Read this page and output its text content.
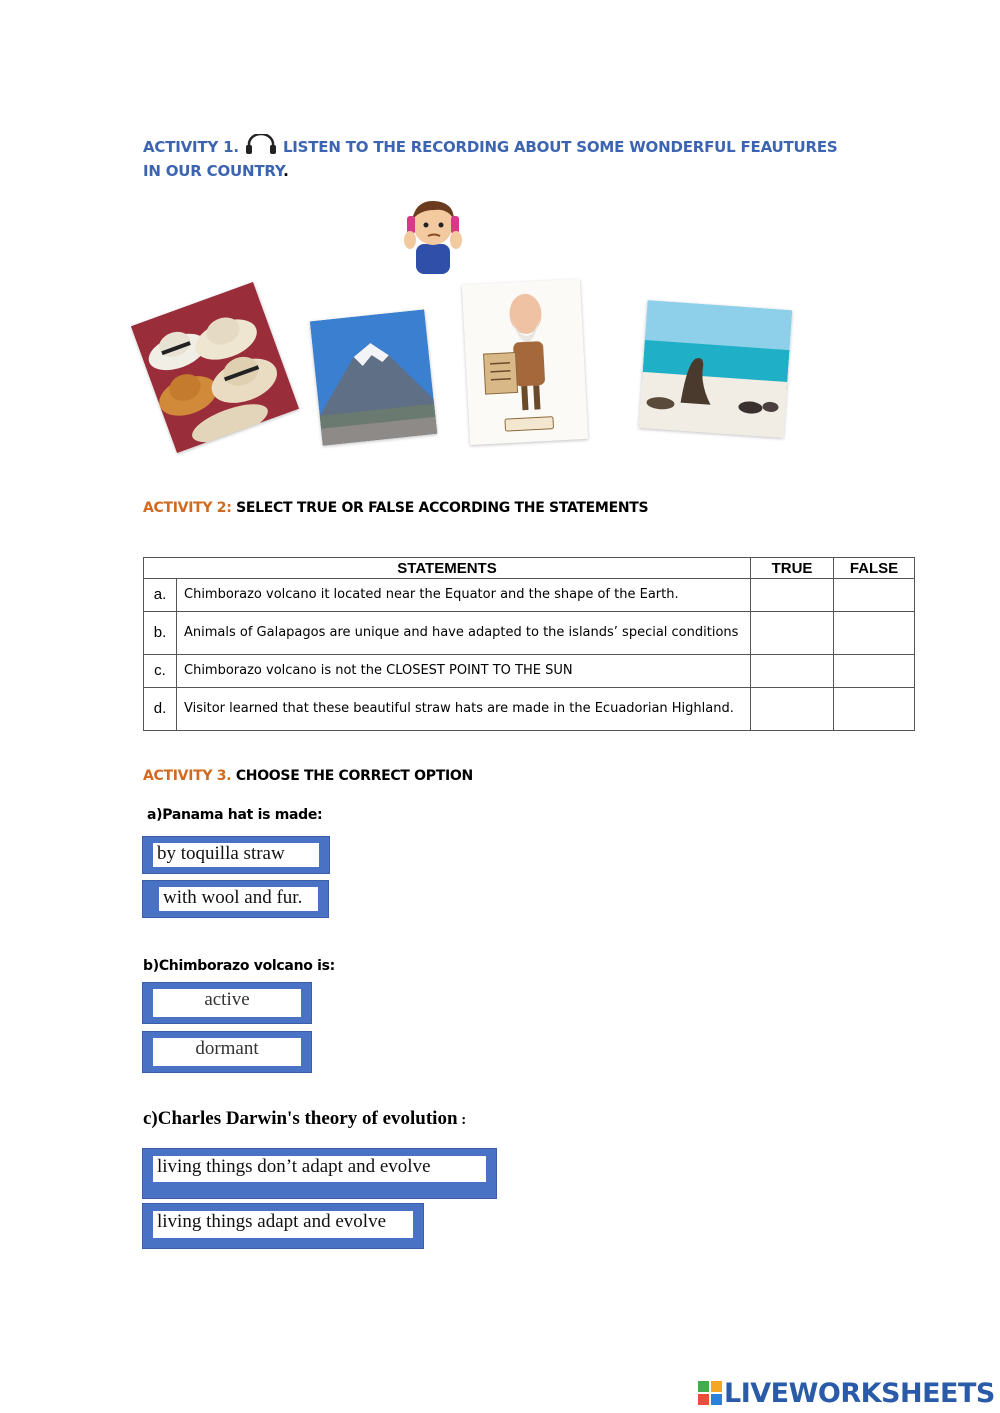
ACTIVITY 1.	LISTEN TO THE RECORDING ABOUT SOME WONDERFUL FEAUTURES IN OUR COUNTRY.
ACTIVITY 2: SELECT TRUE OR FALSE ACCORDING THE STATEMENTS
STATEMENTS		TRUE	FALSE
a.	Chimborazo volcano it located near the Equator and the shape of the Earth.		
b.	Animals of Galapagos are unique and have adapted to the islands’ special conditions		
c.	Chimborazo volcano is not the CLOSEST POINT TO THE SUN		
d.	Visitor learned that these beautiful straw hats are made in the Ecuadorian Highland.		
ACTIVITY 3. CHOOSE THE CORRECT OPTION
a)Panama hat is made:
by toquilla straw
with wool and fur.
b)Chimborazo volcano is:
active
dormant
c)Charles Darwin's theory of evolution :
living things don’t adapt and evolve
living things adapt and evolve
LIVEWORKSHEETS
